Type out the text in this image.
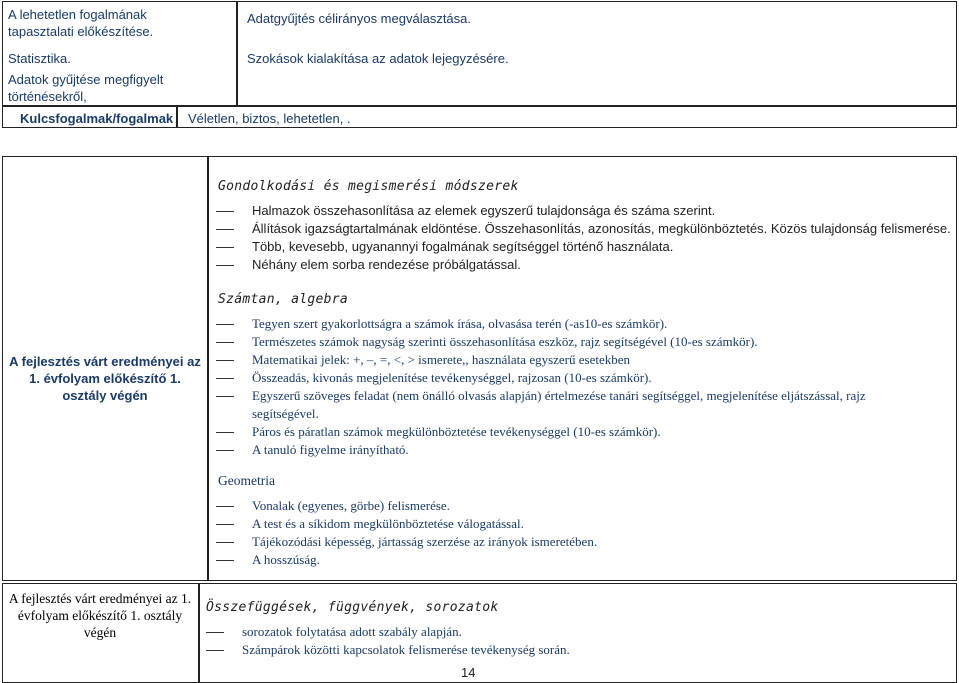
A lehetetlen fogalmának tapasztalati előkészítése.
Statisztika.
Adatok gyűjtése megfigyelt történésekről,
Adatgyűjtés célirányos megválasztása.
Szokások kialakítása az adatok lejegyzésére.
Kulcsfogalmak/fogalmak Véletlen, biztos, lehetetlen, .
A fejlesztés várt eredményei az 1. évfolyam előkészítő 1. osztály végén
Gondolkodási és megismerési módszerek
Halmazok összehasonlítása az elemek egyszerű tulajdonsága és száma szerint.
Állítások igazságtartalmának eldöntése. Összehasonlítás, azonosítás, megkülönböztetés. Közös tulajdonság felismerése.
Több, kevesebb, ugyanannyi fogalmának segítséggel történő használata.
Néhány elem sorba rendezése próbálgatással.
Számtan, algebra
Tegyen szert gyakorlottságra a számok írása, olvasása terén (-as10-es számkör).
Természetes számok nagyság szerinti összehasonlítása eszköz, rajz segítségével (10-es számkör).
Matematikai jelek: +, –, =, <, > ismerete,, használata egyszerű esetekben
Összeadás, kivonás megjelenítése tevékenységgel, rajzosan (10-es számkör).
Egyszerű szöveges feladat (nem önálló olvasás alapján) értelmezése tanári segítséggel, megjelenítése eljátszással, rajz segítségével.
Páros és páratlan számok megkülönböztetése tevékenységgel (10-es számkör).
A tanuló figyelme irányítható.
Geometria
Vonalak (egyenes, görbe) felismerése.
A test és a síkidom megkülönböztetése válogatással.
Tájékozódási képesség, jártasság szerzése az irányok ismeretében.
A hosszúság.
A fejlesztés várt eredményei az 1. évfolyam előkészítő 1. osztály végén
Összefüggések, függvények, sorozatok
sorozatok folytatása adott szabály alapján.
Számpárok közötti kapcsolatok felismerése tevékenység során.
14
